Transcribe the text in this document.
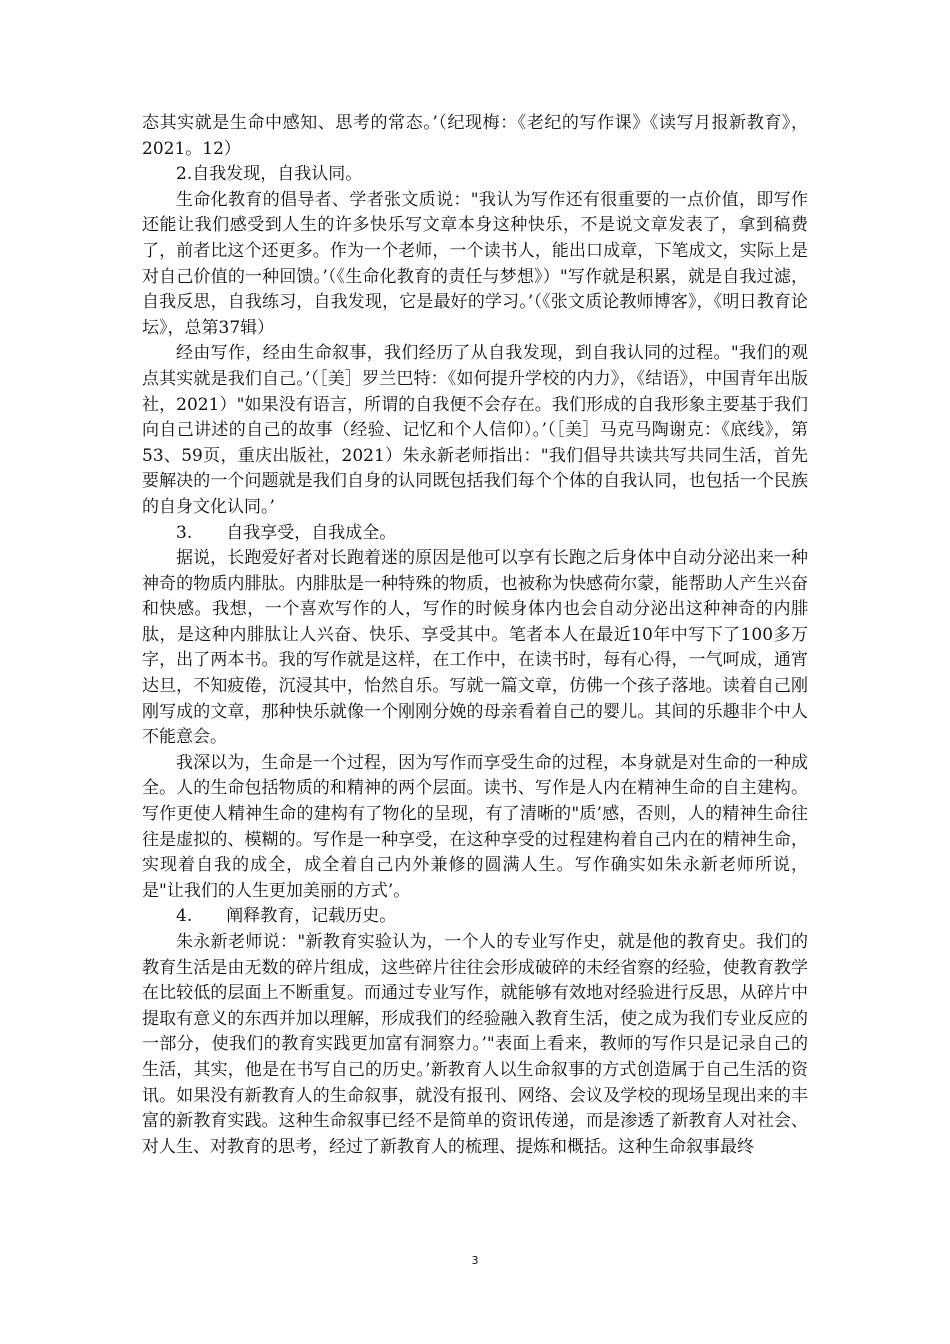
态其实就是生命中感知、思考的常态。’（纪现梅：《老纪的写作课》《读写月报新教育》，2021。12）

2.自我发现，自我认同。

生命化教育的倡导者、学者张文质说："我认为写作还有很重要的一点价值，即写作还能让我们感受到人生的许多快乐写文章本身这种快乐，不是说文章发表了，拿到稿费了，前者比这个还更多。作为一个老师，一个读书人，能出口成章，下笔成文，实际上是对自己价值的一种回馈。’（《生命化教育的责任与梦想》）"写作就是积累，就是自我过滤，自我反思，自我练习，自我发现，它是最好的学习。’（《张文质论教师博客》，《明日教育论坛》，总第37辑）

经由写作，经由生命叙事，我们经历了从自我发现，到自我认同的过程。"我们的观点其实就是我们自己。’（［美］罗兰巴特：《如何提升学校的内力》，《结语》，中国青年出版社，2021）"如果没有语言，所谓的自我便不会存在。我们形成的自我形象主要基于我们向自己讲述的自己的故事（经验、记忆和个人信仰）。’（［美］马克马陶谢克：《底线》，第53、59页，重庆出版社，2021）朱永新老师指出："我们倡导共读共写共同生活，首先要解决的一个问题就是我们自身的认同既包括我们每个个体的自我认同，也包括一个民族的自身文化认同。’

3.　　自我享受，自我成全。

据说，长跑爱好者对长跑着迷的原因是他可以享有长跑之后身体中自动分泌出来一种神奇的物质内腓肽。内腓肽是一种特殊的物质，也被称为快感荷尔蒙，能帮助人产生兴奋和快感。我想，一个喜欢写作的人，写作的时候身体内也会自动分泌出这种神奇的内腓肽，是这种内腓肽让人兴奋、快乐、享受其中。笔者本人在最近10年中写下了100多万字，出了两本书。我的写作就是这样，在工作中，在读书时，每有心得，一气呵成，通宵达旦，不知疲倦，沉浸其中，怡然自乐。写就一篇文章，仿佛一个孩子落地。读着自己刚刚写成的文章，那种快乐就像一个刚刚分娩的母亲看着自己的婴儿。其间的乐趣非个中人不能意会。

我深以为，生命是一个过程，因为写作而享受生命的过程，本身就是对生命的一种成全。人的生命包括物质的和精神的两个层面。读书、写作是人内在精神生命的自主建构。写作更使人精神生命的建构有了物化的呈现，有了清晰的"质’感，否则，人的精神生命往往是虚拟的、模糊的。写作是一种享受，在这种享受的过程建构着自己内在的精神生命，实现着自我的成全，成全着自己内外兼修的圆满人生。写作确实如朱永新老师所说，是"让我们的人生更加美丽的方式’。

4.　　阐释教育，记载历史。

朱永新老师说："新教育实验认为，一个人的专业写作史，就是他的教育史。我们的教育生活是由无数的碎片组成，这些碎片往往会形成破碎的未经省察的经验，使教育教学在比较低的层面上不断重复。而通过专业写作，就能够有效地对经验进行反思，从碎片中提取有意义的东西并加以理解，形成我们的经验融入教育生活，使之成为我们专业反应的一部分，使我们的教育实践更加富有洞察力。’"表面上看来，教师的写作只是记录自己的生活，其实，他是在书写自己的历史。’新教育人以生命叙事的方式创造属于自己生活的资讯。如果没有新教育人的生命叙事，就没有报刊、网络、会议及学校的现场呈现出来的丰富的新教育实践。这种生命叙事已经不是简单的资讯传递，而是渗透了新教育人对社会、对人生、对教育的思考，经过了新教育人的梳理、提炼和概括。这种生命叙事最终

3
